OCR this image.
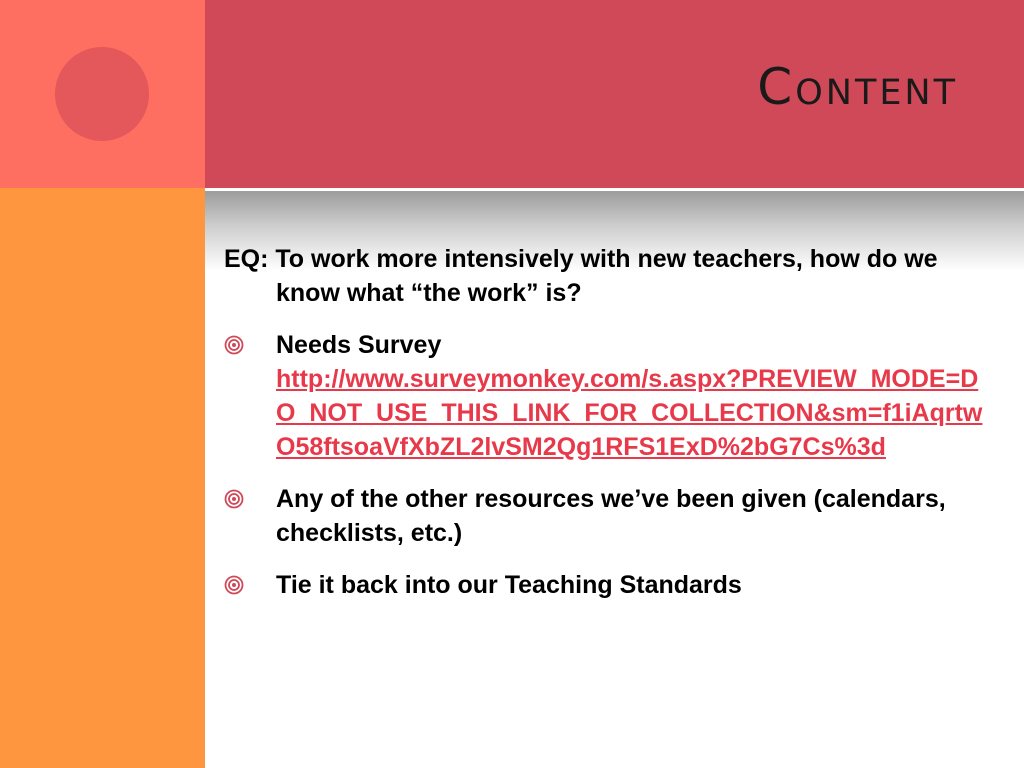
Content

EQ: To work more intensively with new teachers, how do we know what “the work” is?

Needs Survey
http://www.surveymonkey.com/s.aspx?PREVIEW_MODE=DO_NOT_USE_THIS_LINK_FOR_COLLECTION&sm=f1iAqrtwO58ftsoaVfXbZL2lvSM2Qg1RFS1ExD%2bG7Cs%3d
Any of the other resources we’ve been given (calendars, checklists, etc.)
Tie it back into our Teaching Standards
